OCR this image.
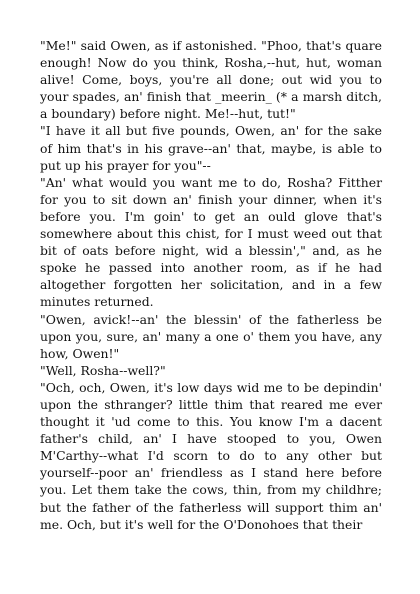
"Me!" said Owen, as if astonished. "Phoo, that's quare enough! Now do you think, Rosha,--hut, hut, woman alive! Come, boys, you're all done; out wid you to your spades, an' finish that _meerin_ (* a marsh ditch, a boundary) before night. Me!--hut, tut!"

"I have it all but five pounds, Owen, an' for the sake of him that's in his grave--an' that, maybe, is able to put up his prayer for you"--

"An' what would you want me to do, Rosha? Fitther for you to sit down an' finish your dinner, when it's before you. I'm goin' to get an ould glove that's somewhere about this chist, for I must weed out that bit of oats before night, wid a blessin'," and, as he spoke he passed into another room, as if he had altogether forgotten her solicitation, and in a few minutes returned.

"Owen, avick!--an' the blessin' of the fatherless be upon you, sure, an' many a one o' them you have, any how, Owen!"

"Well, Rosha--well?"

"Och, och, Owen, it's low days wid me to be depindin' upon the sthranger? little thim that reared me ever thought it 'ud come to this. You know I'm a dacent father's child, an' I have stooped to you, Owen M'Carthy--what I'd scorn to do to any other but yourself--poor an' friendless as I stand here before you. Let them take the cows, thin, from my childhre; but the father of the fatherless will support thim an' me. Och, but it's well for the O'Donohoes that their
